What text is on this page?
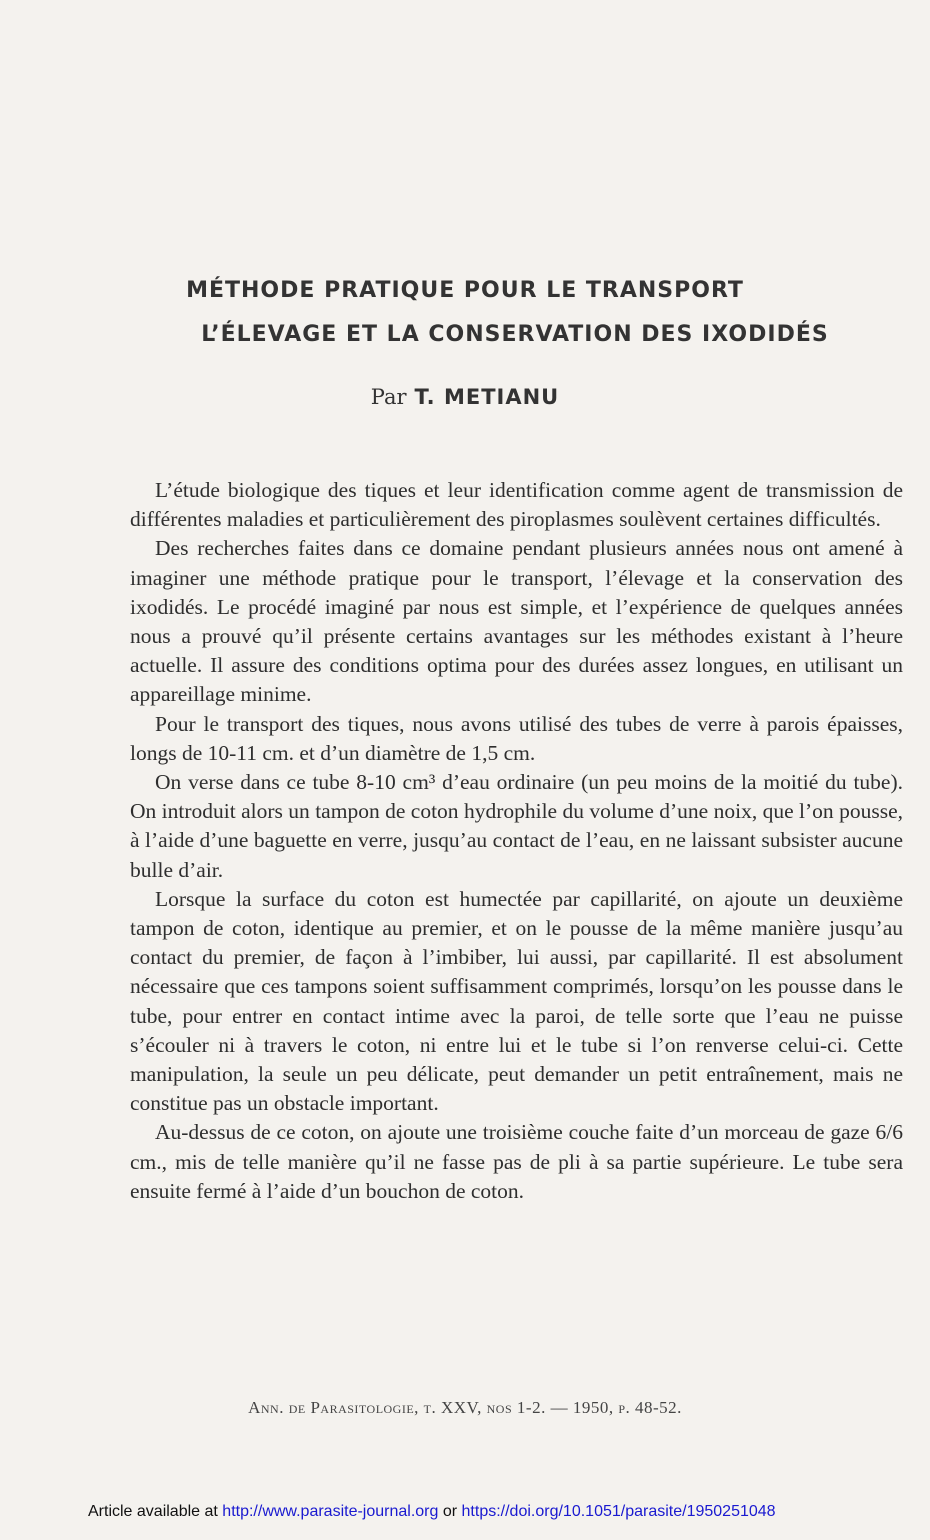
MÉTHODE PRATIQUE POUR LE TRANSPORT
L’ÉLEVAGE ET LA CONSERVATION DES IXODIDÉS
Par T. METIANU

L’étude biologique des tiques et leur identification comme agent de transmission de différentes maladies et particulièrement des piroplasmes soulèvent certaines difficultés.

Des recherches faites dans ce domaine pendant plusieurs années nous ont amené à imaginer une méthode pratique pour le transport, l’élevage et la conservation des ixodidés. Le procédé imaginé par nous est simple, et l’expérience de quelques années nous a prouvé qu’il présente certains avantages sur les méthodes existant à l’heure actuelle. Il assure des conditions optima pour des durées assez longues, en utilisant un appareillage minime.

Pour le transport des tiques, nous avons utilisé des tubes de verre à parois épaisses, longs de 10-11 cm. et d’un diamètre de 1,5 cm.

On verse dans ce tube 8-10 cm³ d’eau ordinaire (un peu moins de la moitié du tube). On introduit alors un tampon de coton hydrophile du volume d’une noix, que l’on pousse, à l’aide d’une baguette en verre, jusqu’au contact de l’eau, en ne laissant subsister aucune bulle d’air.

Lorsque la surface du coton est humectée par capillarité, on ajoute un deuxième tampon de coton, identique au premier, et on le pousse de la même manière jusqu’au contact du premier, de façon à l’imbiber, lui aussi, par capillarité. Il est absolument nécessaire que ces tampons soient suffisamment comprimés, lorsqu’on les pousse dans le tube, pour entrer en contact intime avec la paroi, de telle sorte que l’eau ne puisse s’écouler ni à travers le coton, ni entre lui et le tube si l’on renverse celui-ci. Cette manipulation, la seule un peu délicate, peut demander un petit entraînement, mais ne constitue pas un obstacle important.

Au-dessus de ce coton, on ajoute une troisième couche faite d’un morceau de gaze 6/6 cm., mis de telle manière qu’il ne fasse pas de pli à sa partie supérieure. Le tube sera ensuite fermé à l’aide d’un bouchon de coton.

Ann. de Parasitologie, t. XXV, nos 1-2. — 1950, p. 48-52.
Article available at http://www.parasite-journal.org or https://doi.org/10.1051/parasite/1950251048
